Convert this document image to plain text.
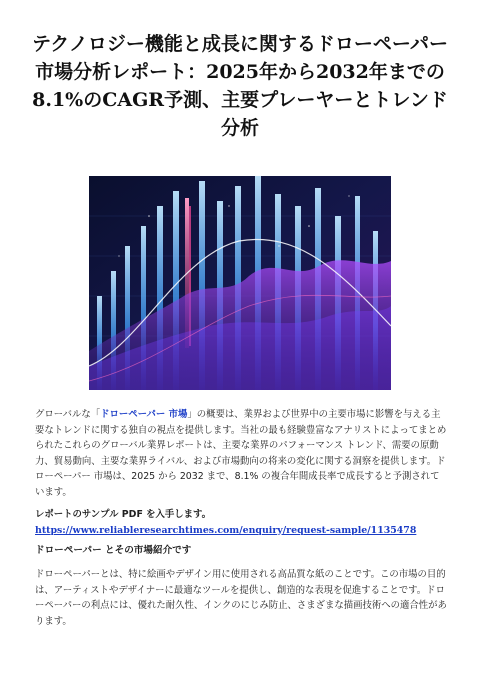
テクノロジー機能と成長に関するドローペーパー市場分析レポート：2025年から2032年までの8.1%のCAGR予測、主要プレーヤーとトレンド分析

グローバルな「ドローペーパー 市場」の概要は、業界および世界中の主要市場に影響を与える主要なトレンドに関する独自の視点を提供します。当社の最も経験豊富なアナリストによってまとめられたこれらのグローバル業界レポートは、主要な業界のパフォーマンス トレンド、需要の原動力、貿易動向、主要な業界ライバル、および市場動向の将来の変化に関する洞察を提供します。ドローペーパー 市場は、2025 から 2032 まで、8.1% の複合年間成長率で成長すると予測されています。

レポートのサンプル PDF を入手します。 https://www.reliableresearchtimes.com/enquiry/request-sample/1135478

ドローペーパー とその市場紹介です

ドローペーパーとは、特に絵画やデザイン用に使用される高品質な紙のことです。この市場の目的は、アーティストやデザイナーに最適なツールを提供し、創造的な表現を促進することです。ドローペーパーの利点には、優れた耐久性、インクのにじみ防止、さまざまな描画技術への適合性があります。
